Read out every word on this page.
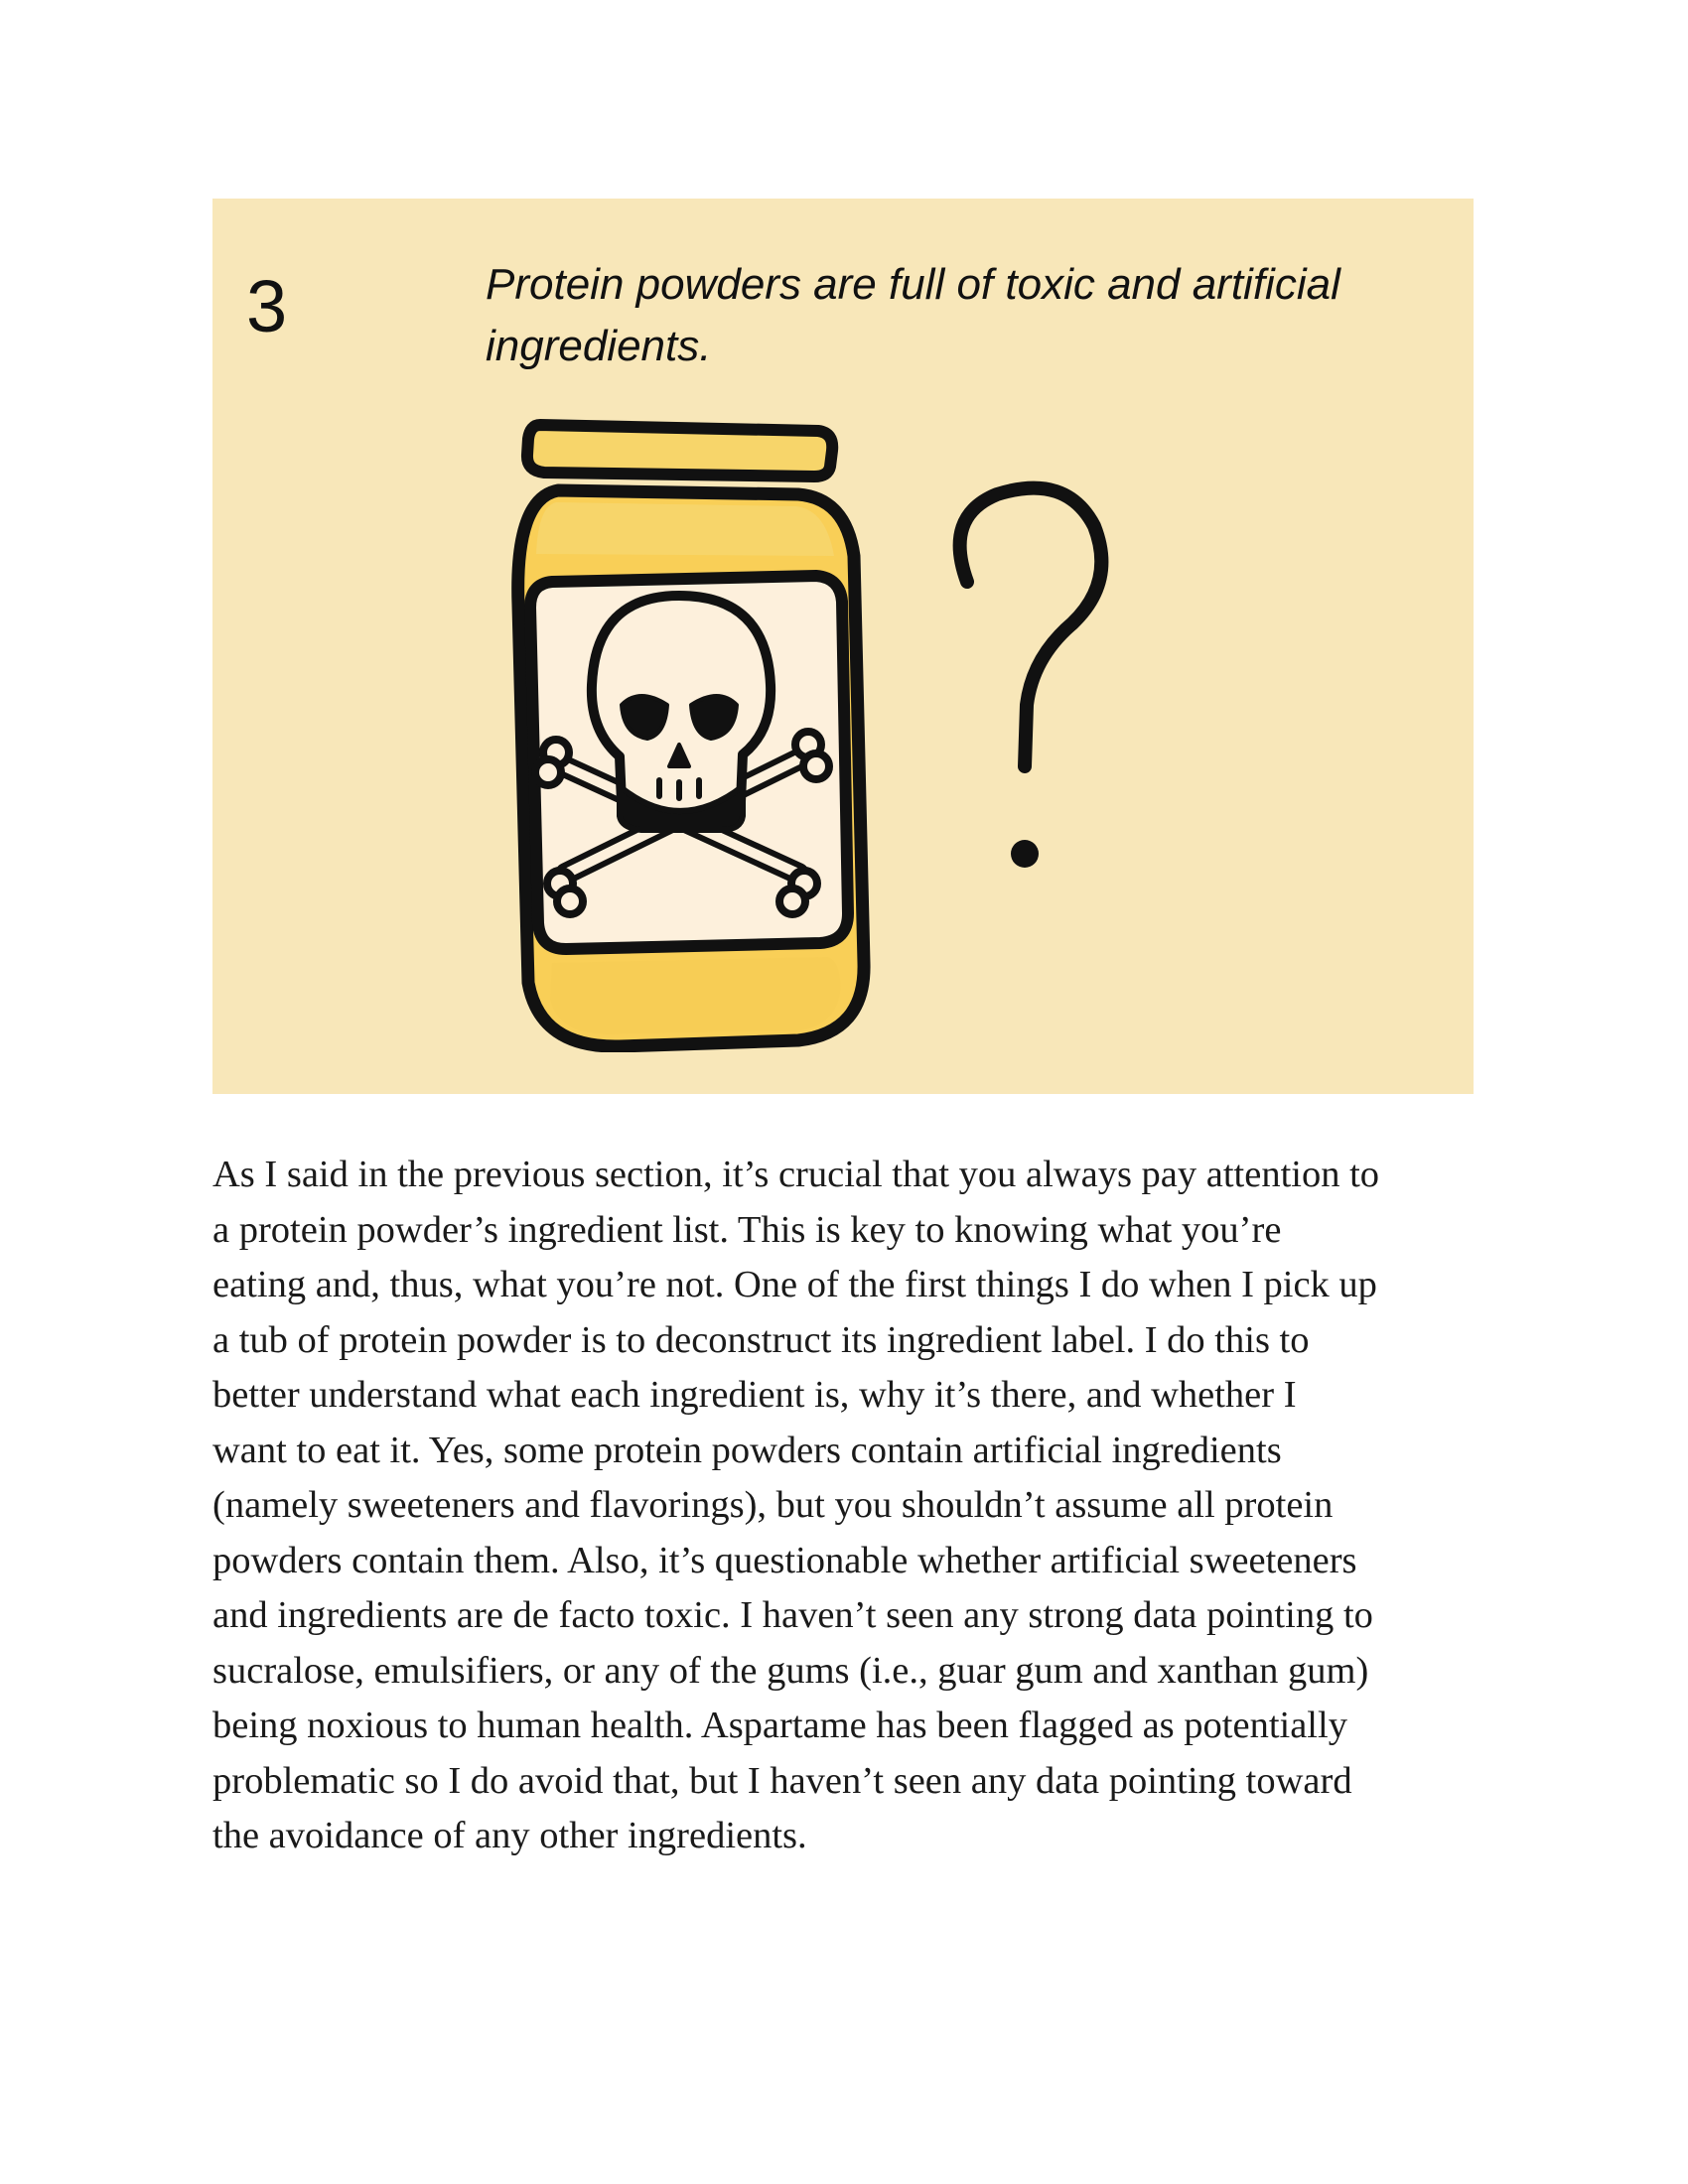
3	Protein powders are full of toxic and artificial
ingredients.
As I said in the previous section, it’s crucial that you always pay attention to
a protein powder’s ingredient list. This is key to knowing what you’re
eating and, thus, what you’re not. One of the first things I do when I pick up
a tub of protein powder is to deconstruct its ingredient label. I do this to
better understand what each ingredient is, why it’s there, and whether I
want to eat it. Yes, some protein powders contain artificial ingredients
(namely sweeteners and flavorings), but you shouldn’t assume all protein
powders contain them. Also, it’s questionable whether artificial sweeteners
and ingredients are de facto toxic. I haven’t seen any strong data pointing to
sucralose, emulsifiers, or any of the gums (i.e., guar gum and xanthan gum)
being noxious to human health. Aspartame has been flagged as potentially
problematic so I do avoid that, but I haven’t seen any data pointing toward
the avoidance of any other ingredients.
